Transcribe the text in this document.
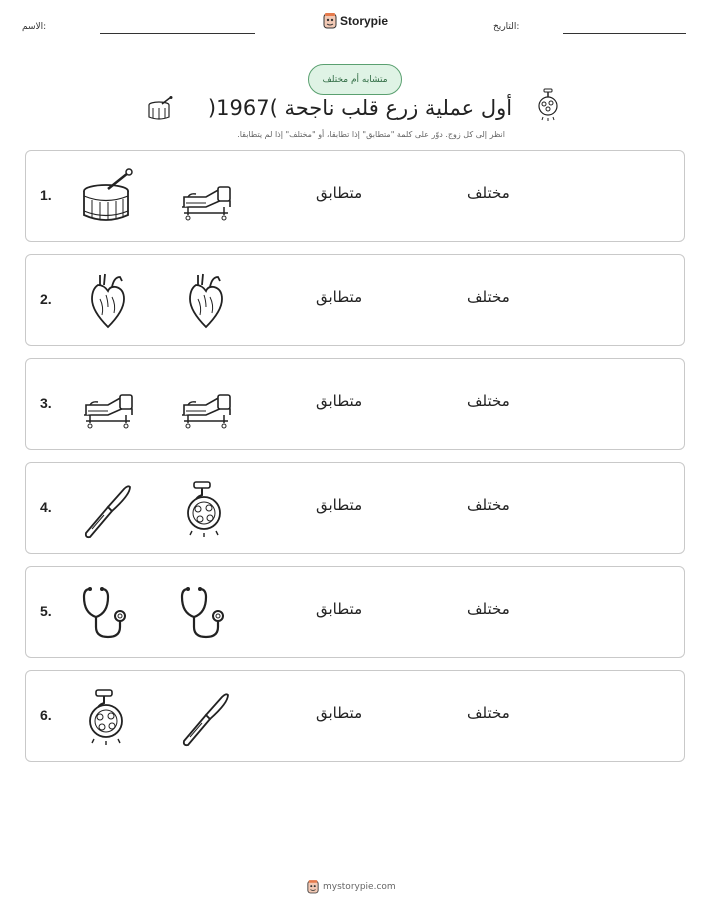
الاسم:	Storypie	التاريخ:
متشابه أم مختلف
أول عملية زرع قلب ناجحة )1967(
انظر إلى كل زوج. دوّر على كلمة "متطابق" إذا تطابقا، أو "مختلف" إذا لم يتطابقا.
1.	متطابق	مختلف
2.	متطابق	مختلف
3.	متطابق	مختلف
4.	متطابق	مختلف
5.	متطابق	مختلف
6.	متطابق	مختلف
mystorypie.com
